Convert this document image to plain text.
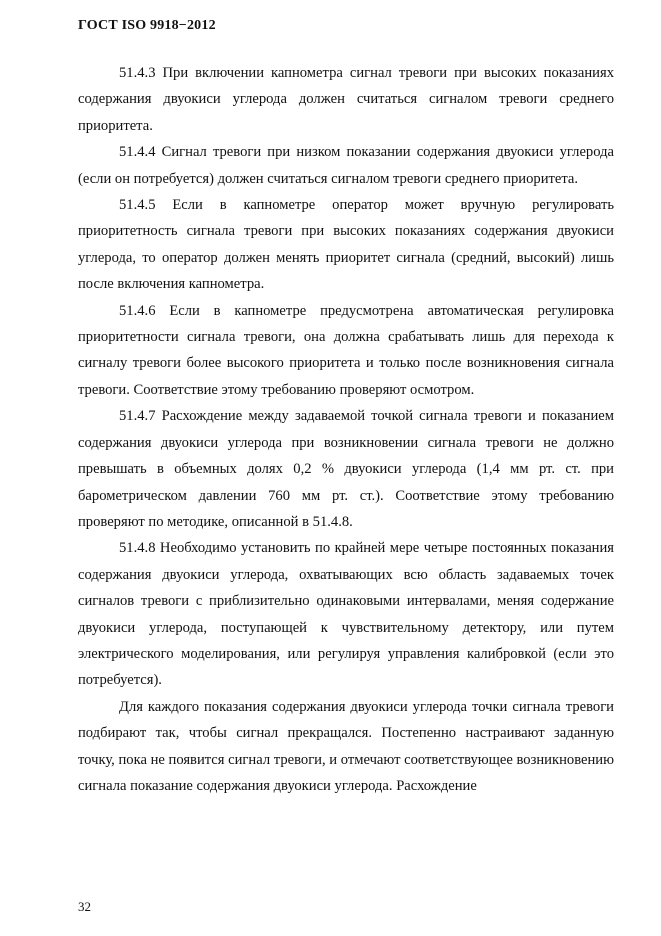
ГОСТ ISO 9918−2012

51.4.3 При включении капнометра сигнал тревоги при высоких показаниях содержания двуокиси углерода должен считаться сигналом тревоги среднего приоритета.

51.4.4 Сигнал тревоги при низком показании содержания двуокиси углерода (если он потребуется) должен считаться сигналом тревоги среднего приоритета.

51.4.5 Если в капнометре оператор может вручную регулировать приоритетность сигнала тревоги при высоких показаниях содержания двуокиси углерода, то оператор должен менять приоритет сигнала (средний, высокий) лишь после включения капнометра.

51.4.6 Если в капнометре предусмотрена автоматическая регулировка приоритетности сигнала тревоги, она должна срабатывать лишь для перехода к сигналу тревоги более высокого приоритета и только после возникновения сигнала тревоги. Соответствие этому требованию проверяют осмотром.

51.4.7 Расхождение между задаваемой точкой сигнала тревоги и показанием содержания двуокиси углерода при возникновении сигнала тревоги не должно превышать в объемных долях 0,2 % двуокиси углерода (1,4 мм рт. ст. при барометрическом давлении 760 мм рт. ст.). Соответствие этому требованию проверяют по методике, описанной в 51.4.8.

51.4.8 Необходимо установить по крайней мере четыре постоянных показания содержания двуокиси углерода, охватывающих всю область задаваемых точек сигналов тревоги с приблизительно одинаковыми интервалами, меняя содержание двуокиси углерода, поступающей к чувствительному детектору, или путем электрического моделирования, или регулируя управления калибровкой (если это потребуется).

Для каждого показания содержания двуокиси углерода точки сигнала тревоги подбирают так, чтобы сигнал прекращался. Постепенно настраивают заданную точку, пока не появится сигнал тревоги, и отмечают соответствующее возникновению сигнала показание содержания двуокиси углерода. Расхождение

32
